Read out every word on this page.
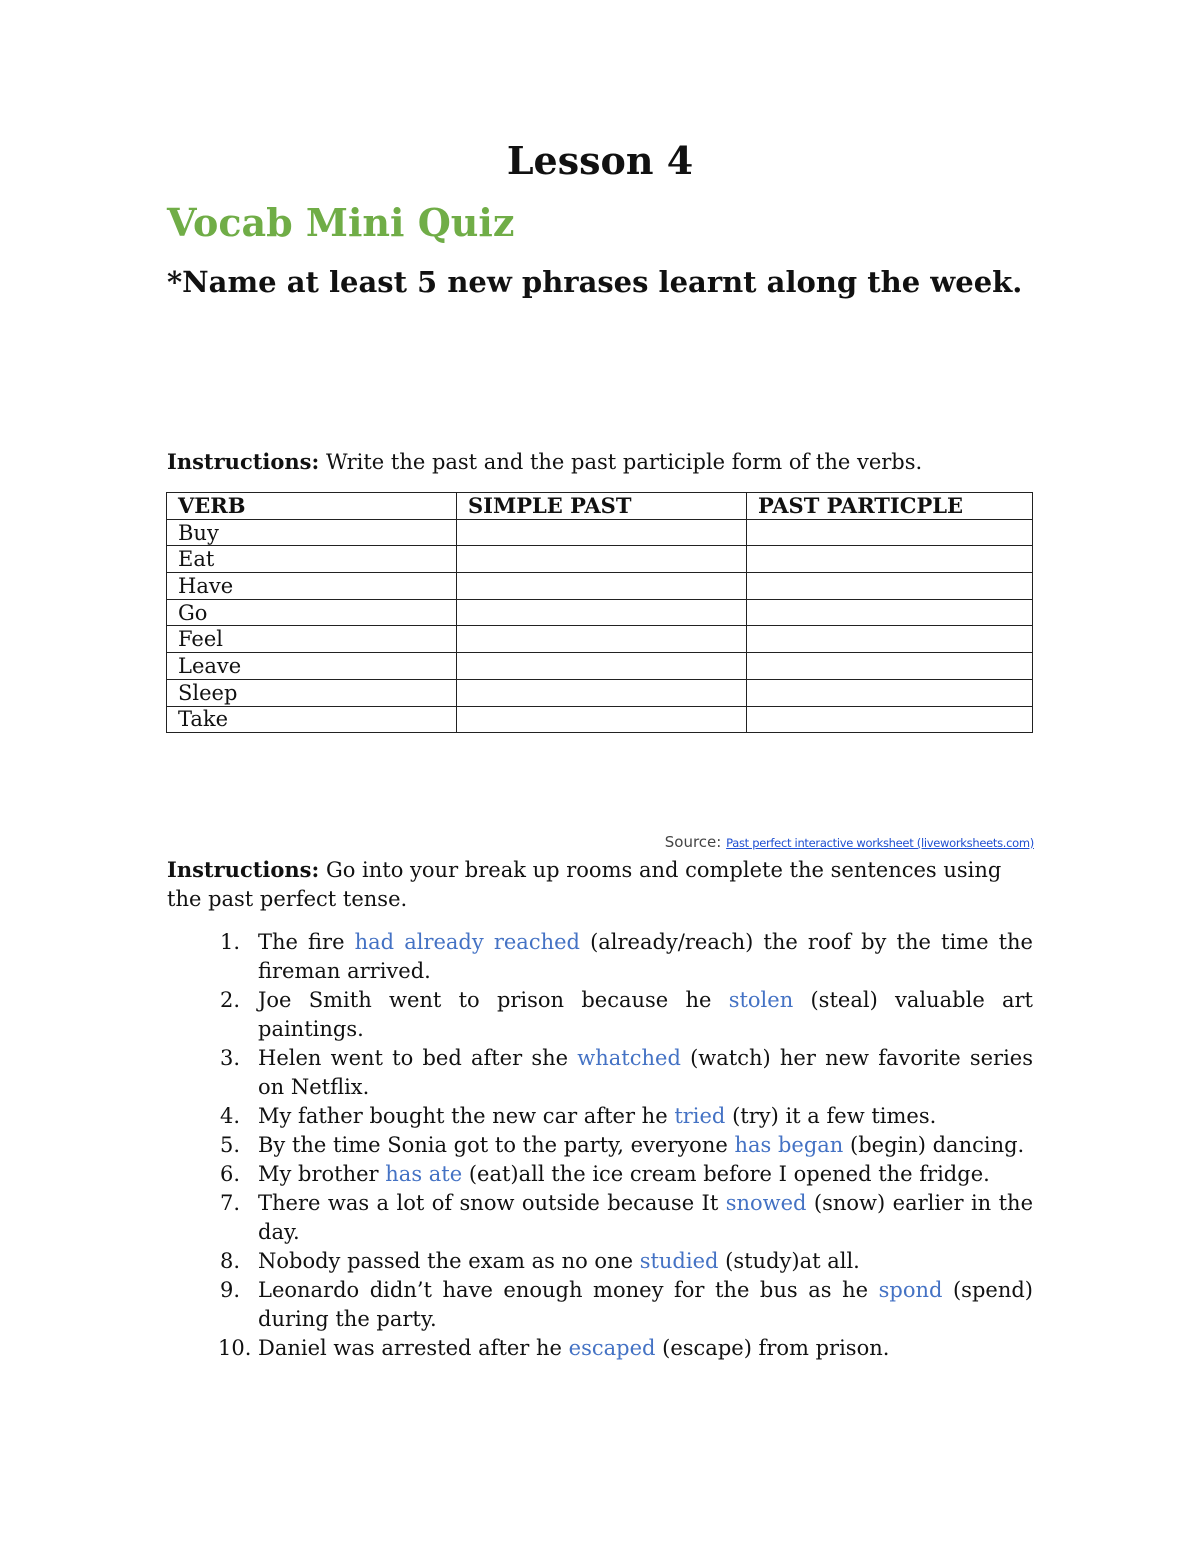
Lesson 4
Vocab Mini Quiz

*Name at least 5 new phrases learnt along the week.

Instructions: Write the past and the past participle form of the verbs.

VERB	SIMPLE PAST	PAST PARTICPLE
Buy		
Eat		
Have		
Go		
Feel		
Leave		
Sleep		
Take		
Source: Past perfect interactive worksheet (liveworksheets.com)

Instructions: Go into your break up rooms and complete the sentences using the past perfect tense.

1. The fire had already reached (already/reach) the roof by the time the fireman arrived.
2. Joe Smith went to prison because he stolen (steal) valuable art paintings.
3. Helen went to bed after she whatched (watch) her new favorite series on Netflix.
4. My father bought the new car after he tried (try) it a few times.
5. By the time Sonia got to the party, everyone has began (begin) dancing.
6. My brother has ate (eat)all the ice cream before I opened the fridge.
7. There was a lot of snow outside because It snowed (snow) earlier in the day.
8. Nobody passed the exam as no one studied (study)at all.
9. Leonardo didn’t have enough money for the bus as he spond (spend) during the party.
10. Daniel was arrested after he escaped (escape) from prison.
